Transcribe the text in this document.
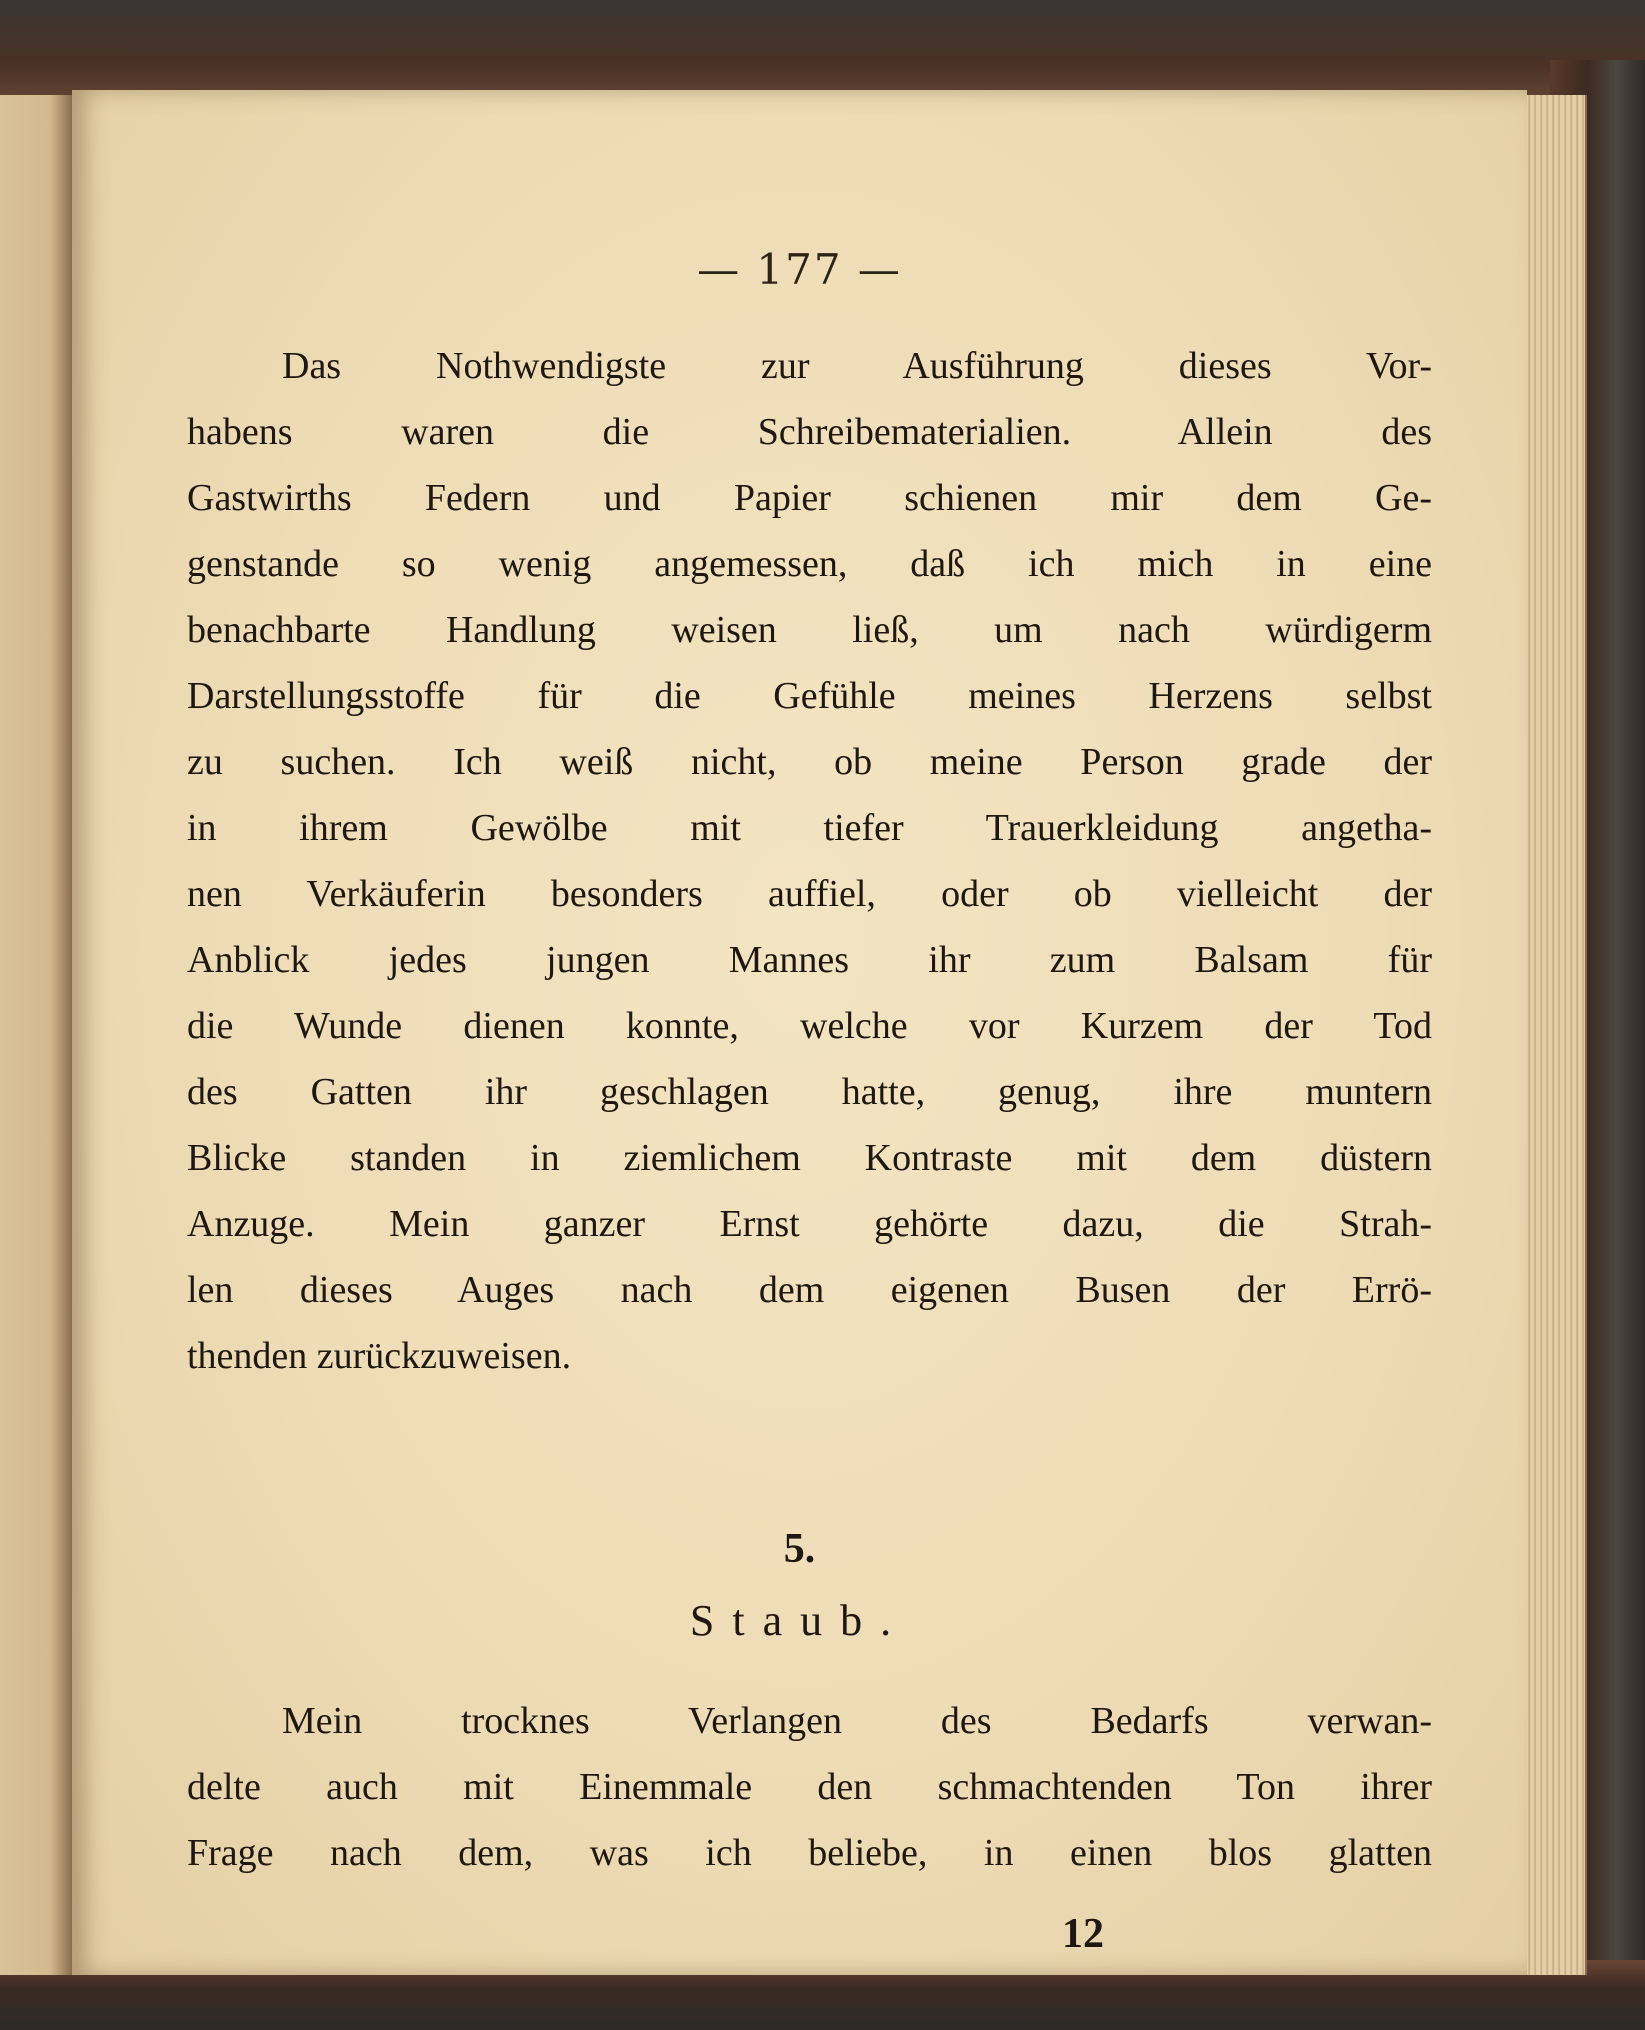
— 177 —
Das Nothwendigste zur Ausführung dieses Vor-
habens waren die Schreibematerialien. Allein des
Gastwirths Federn und Papier schienen mir dem Ge-
genstande so wenig angemessen, daß ich mich in eine
benachbarte Handlung weisen ließ, um nach würdigerm
Darstellungsstoffe für die Gefühle meines Herzens selbst
zu suchen. Ich weiß nicht, ob meine Person grade der
in ihrem Gewölbe mit tiefer Trauerkleidung angetha-
nen Verkäuferin besonders auffiel, oder ob vielleicht der
Anblick jedes jungen Mannes ihr zum Balsam für
die Wunde dienen konnte, welche vor Kurzem der Tod
des Gatten ihr geschlagen hatte, genug, ihre muntern
Blicke standen in ziemlichem Kontraste mit dem düstern
Anzuge. Mein ganzer Ernst gehörte dazu, die Strah-
len dieses Auges nach dem eigenen Busen der Errö-
thenden zurückzuweisen.
5.
Staub.
Mein trocknes Verlangen des Bedarfs verwan-
delte auch mit Einemmale den schmachtenden Ton ihrer
Frage nach dem, was ich beliebe, in einen blos glatten
12
